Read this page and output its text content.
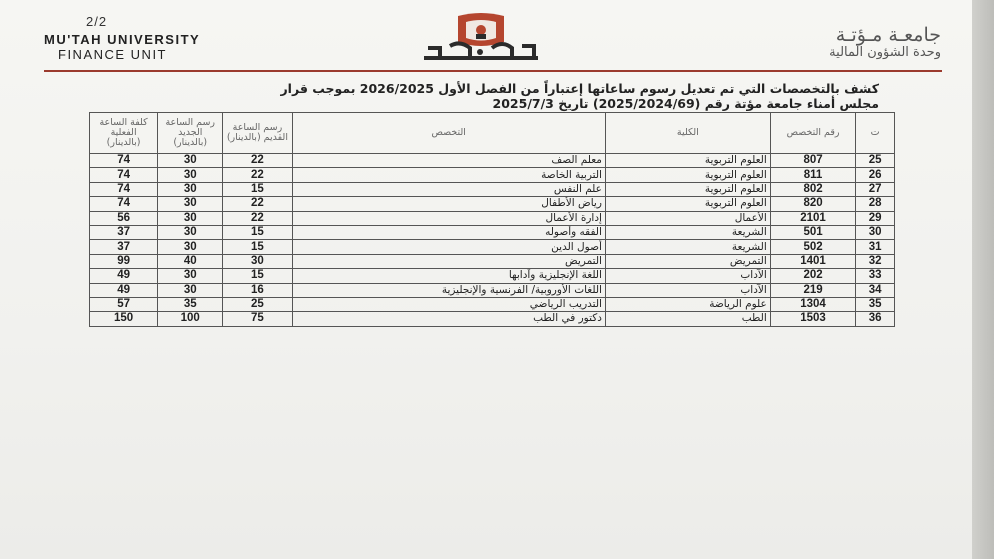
2/2
MU'TAH UNIVERSITY
FINANCE UNIT
جامعـة مـؤتـة
وحدة الشؤون المالية
كشف بالتخصصات التي تم تعديل رسوم ساعاتها إعتباراً من الفصل الأول 2026/2025 بموجب قرار
مجلس أمناء جامعة مؤتة رقم (2025/2024/69) تاريخ 2025/7/3
كلفة الساعة الفعلية (بالدينار)	رسم الساعة الجديد (بالدينار)	رسم الساعة القديم (بالدينار)	التخصص	الكلية	رقم التخصص	ت
74	30	22	معلم الصف	العلوم التربوية	807	25
74	30	22	التربية الخاصة	العلوم التربوية	811	26
74	30	15	علم النفس	العلوم التربوية	802	27
74	30	22	رياض الأطفال	العلوم التربوية	820	28
56	30	22	إدارة الأعمال	الأعمال	2101	29
37	30	15	الفقه وأصوله	الشريعة	501	30
37	30	15	أصول الدين	الشريعة	502	31
99	40	30	التمريض	التمريض	1401	32
49	30	15	اللغة الإنجليزية وآدابها	الآداب	202	33
49	30	16	اللغات الأوروبية/ الفرنسية والإنجليزية	الآداب	219	34
57	35	25	التدريب الرياضي	علوم الرياضة	1304	35
150	100	75	دكتور في الطب	الطب	1503	36
